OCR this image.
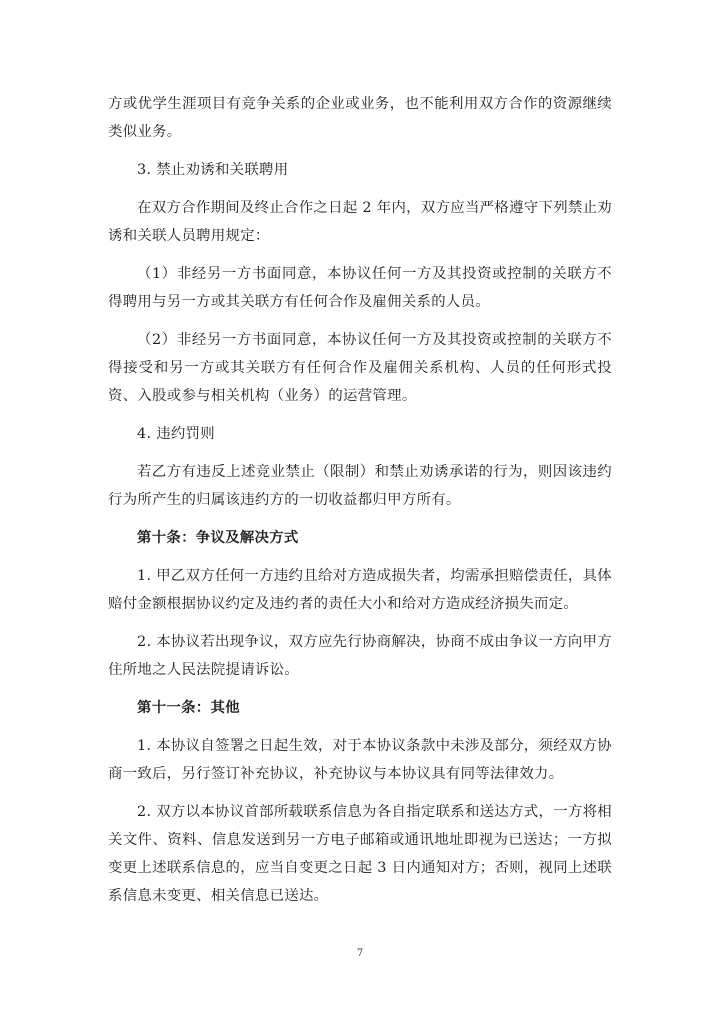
方或优学生涯项目有竞争关系的企业或业务，也不能利用双方合作的资源继续类似业务。

3. 禁止劝诱和关联聘用

在双方合作期间及终止合作之日起 2 年内，双方应当严格遵守下列禁止劝诱和关联人员聘用规定：

（1）非经另一方书面同意，本协议任何一方及其投资或控制的关联方不得聘用与另一方或其关联方有任何合作及雇佣关系的人员。

（2）非经另一方书面同意，本协议任何一方及其投资或控制的关联方不得接受和另一方或其关联方有任何合作及雇佣关系机构、人员的任何形式投资、入股或参与相关机构（业务）的运营管理。

4. 违约罚则

若乙方有违反上述竞业禁止（限制）和禁止劝诱承诺的行为，则因该违约行为所产生的归属该违约方的一切收益都归甲方所有。

第十条：争议及解决方式

1. 甲乙双方任何一方违约且给对方造成损失者，均需承担赔偿责任，具体赔付金额根据协议约定及违约者的责任大小和给对方造成经济损失而定。

2. 本协议若出现争议，双方应先行协商解决，协商不成由争议一方向甲方住所地之人民法院提请诉讼。

第十一条：其他

1. 本协议自签署之日起生效，对于本协议条款中未涉及部分，须经双方协商一致后，另行签订补充协议，补充协议与本协议具有同等法律效力。

2. 双方以本协议首部所载联系信息为各自指定联系和送达方式，一方将相关文件、资料、信息发送到另一方电子邮箱或通讯地址即视为已送达；一方拟变更上述联系信息的，应当自变更之日起 3 日内通知对方；否则，视同上述联系信息未变更、相关信息已送达。

7
